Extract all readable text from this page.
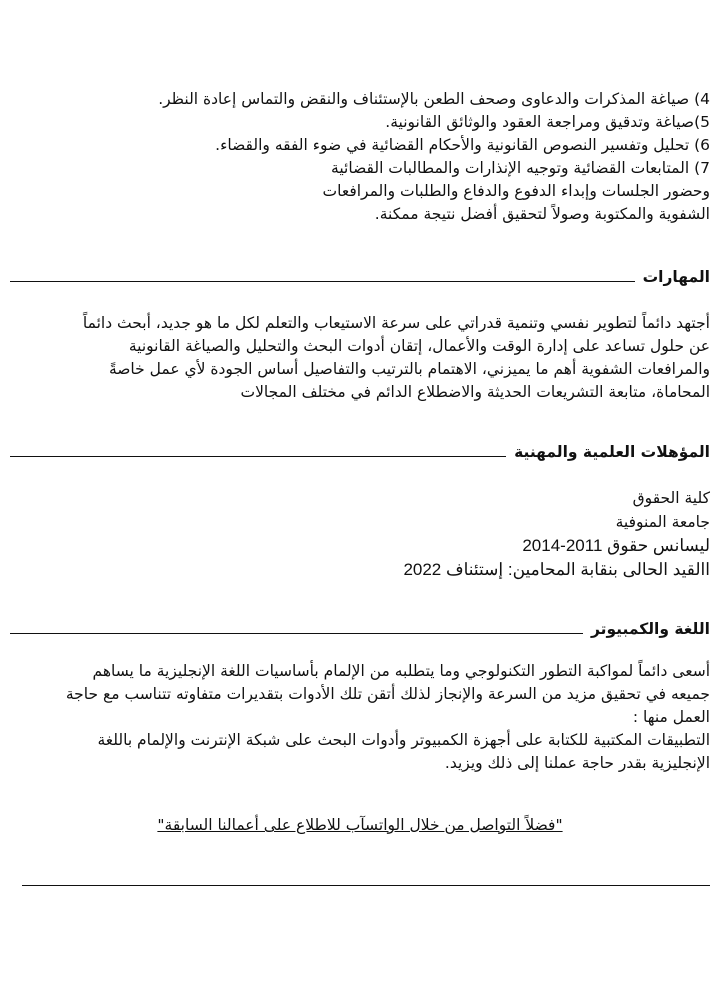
4) صياغة المذكرات والدعاوى وصحف الطعن بالإستئناف والنقض والتماس إعادة النظر.
5)صياغة وتدقيق ومراجعة العقود والوثائق القانونية.
6) تحليل وتفسير النصوص القانونية والأحكام القضائية في ضوء الفقه والقضاء.
7) المتابعات القضائية وتوجيه الإنذارات والمطالبات القضائية
وحضور الجلسات وإبداء الدفوع والدفاع والطلبات والمرافعات
الشفوية والمكتوبة وصولاً لتحقيق أفضل نتيجة ممكنة.
المهارات
أجتهد دائماً لتطوير نفسي وتنمية قدراتي على سرعة الاستيعاب والتعلم لكل ما هو جديد، أبحث دائماً
عن حلول تساعد على إدارة الوقت والأعمال، إتقان أدوات البحث والتحليل والصياغة القانونية
والمرافعات الشفوية أهم ما يميزني، الاهتمام بالترتيب والتفاصيل أساس الجودة لأي عمل خاصةً
المحاماة، متابعة التشريعات الحديثة والاضطلاع الدائم في مختلف المجالات
المؤهلات العلمية والمهنية
كلية الحقوق
جامعة المنوفية
ليسانس حقوق 2011-2014
االقيد الحالى بنقابة المحامين: إستئناف 2022
اللغة والكمبيوتر
أسعى دائماً لمواكبة التطور التكنولوجي وما يتطلبه من الإلمام بأساسيات اللغة الإنجليزية ما يساهم
جميعه في تحقيق مزيد من السرعة والإنجاز لذلك أتقن تلك الأدوات بتقديرات متفاوته تتناسب مع حاجة
العمل منها :
التطبيقات المكتبية للكتابة على أجهزة الكمبيوتر وأدوات البحث على شبكة الإنترنت والإلمام باللغة
الإنجليزية بقدر حاجة عملنا إلى ذلك ويزيد.
"فضلاً التواصل من خلال الواتسآب للاطلاع على أعمالنا السابقة"
